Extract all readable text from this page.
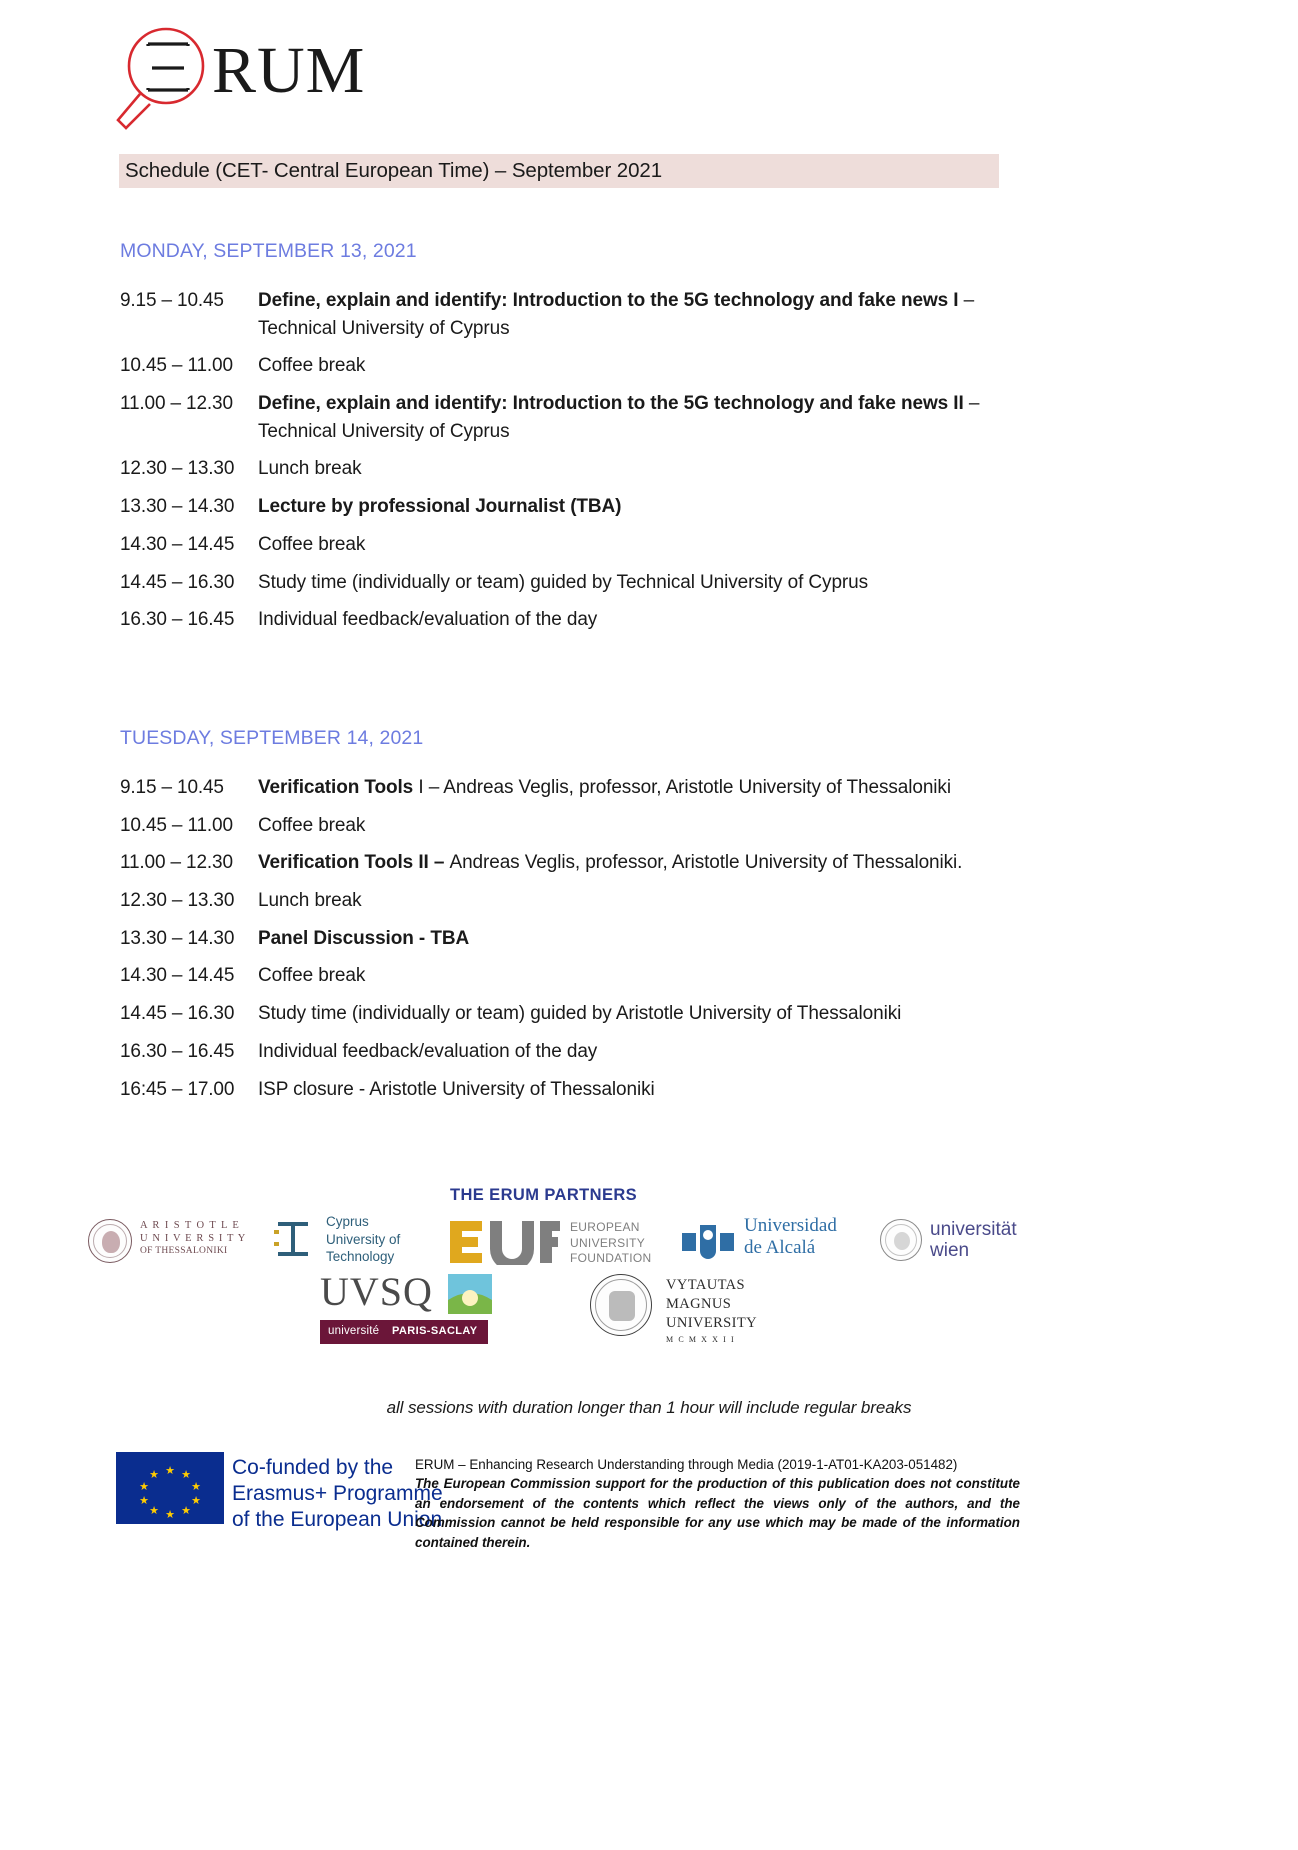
RUM
Schedule (CET- Central European Time) – September 2021
MONDAY, SEPTEMBER 13, 2021
9.15 – 10.45	Define, explain and identify: Introduction to the 5G technology and fake news I –
Technical University of Cyprus
10.45 – 11.00	Coffee break
11.00 – 12.30	Define, explain and identify: Introduction to the 5G technology and fake news II –
Technical University of Cyprus
12.30 – 13.30	Lunch break
13.30 – 14.30	Lecture by professional Journalist (TBA)
14.30 – 14.45	Coffee break
14.45 – 16.30	Study time (individually or team) guided by Technical University of Cyprus
16.30 – 16.45	Individual feedback/evaluation of the day
TUESDAY, SEPTEMBER 14, 2021
9.15 – 10.45	Verification Tools I – Andreas Veglis, professor, Aristotle University of Thessaloniki
10.45 – 11.00	Coffee break
11.00 – 12.30	Verification Tools II – Andreas Veglis, professor, Aristotle University of Thessaloniki.
12.30 – 13.30	Lunch break
13.30 – 14.30	Panel Discussion - TBA
14.30 – 14.45	Coffee break
14.45 – 16.30	Study time (individually or team) guided by Aristotle University of Thessaloniki
16.30 – 16.45	Individual feedback/evaluation of the day
16:45 – 17.00	ISP closure - Aristotle University of Thessaloniki
THE ERUM PARTNERS
A R I S T O T L E
U N I V E R S I T Y
OF THESSALONIKI
Cyprus
University of
Technology
EUROPEAN
UNIVERSITY
FOUNDATION
Universidad
de Alcalá
universität
wien
UVSQ
université PARIS-SACLAY
VYTAUTAS
MAGNUS
UNIVERSITY
M C M X X I I
all sessions with duration longer than 1 hour will include regular breaks
★
★ ★
★	★
★	★
★ ★
★
Co-funded by the
Erasmus+ Programme
of the European Union
ERUM – Enhancing Research Understanding through Media (2019-1-AT01-KA203-051482)
The European Commission support for the production of this publication does not constitute an endorsement of the contents which reflect the views only of the authors, and the Commission cannot be held responsible for any use which may be made of the information contained therein.
